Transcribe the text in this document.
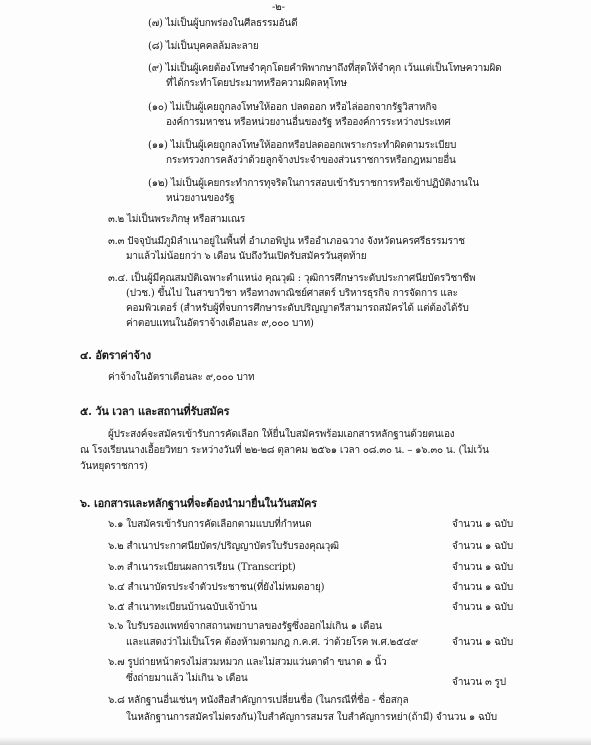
-๒-
(๗) ไม่เป็นผู้บกพร่องในศีลธรรมอันดี
(๘) ไม่เป็นบุคคลล้มละลาย
(๙) ไม่เป็นผู้เคยต้องโทษจำคุกโดยคำพิพากษาถึงที่สุดให้จำคุก เว้นแต่เป็นโทษความผิด
ที่ได้กระทำโดยประมาทหรือความผิดลหุโทษ
(๑๐) ไม่เป็นผู้เคยถูกลงโทษให้ออก ปลดออก หรือไล่ออกจากรัฐวิสาหกิจ
องค์การมหาชน หรือหน่วยงานอื่นของรัฐ หรือองค์การระหว่างประเทศ
(๑๑) ไม่เป็นผู้เคยถูกลงโทษให้ออกหรือปลดออกเพราะกระทำผิดตามระเบียบ
กระทรวงการคลังว่าด้วยลูกจ้างประจำของส่วนราชการหรือกฎหมายอื่น
(๑๒) ไม่เป็นผู้เคยกระทำการทุจริตในการสอบเข้ารับราชการหรือเข้าปฏิบัติงานใน
หน่วยงานของรัฐ
๓.๒ ไม่เป็นพระภิกษุ หรือสามเณร
๓.๓ ปัจจุบันมีภูมิลำเนาอยู่ในพื้นที่ อำเภอพิปูน หรืออำเภอฉวาง จังหวัดนครศรีธรรมราช
มาแล้วไม่น้อยกว่า ๖ เดือน นับถึงวันเปิดรับสมัครวันสุดท้าย
๓.๔. เป็นผู้มีคุณสมบัติเฉพาะตำแหน่ง คุณวุฒิ : วุฒิการศึกษาระดับประกาศนียบัตรวิชาชีพ
(ปวช.) ขึ้นไป ในสาขาวิชา หรือทางพาณิชย์ศาสตร์ บริหารธุรกิจ การจัดการ และ
คอมพิวเตอร์ (สำหรับผู้ที่จบการศึกษาระดับปริญญาตรีสามารถสมัครได้ แต่ต้องได้รับ
ค่าตอบแทนในอัตราจ้างเดือนละ ๙,๐๐๐ บาท)
๔. อัตราค่าจ้าง
ค่าจ้างในอัตราเดือนละ ๙,๐๐๐ บาท
๕. วัน เวลา และสถานที่รับสมัคร
ผู้ประสงค์จะสมัครเข้ารับการคัดเลือก ให้ยื่นใบสมัครพร้อมเอกสารหลักฐานด้วยตนเอง
ณ โรงเรียนนางเอื้อยวิทยา ระหว่างวันที่ ๒๒-๒๘ ตุลาคม ๒๕๖๑ เวลา ๐๘.๓๐ น. – ๑๖.๓๐ น. (ไม่เว้น
วันหยุดราชการ)
๖. เอกสารและหลักฐานที่จะต้องนำมายื่นในวันสมัคร
๖.๑ ใบสมัครเข้ารับการคัดเลือกตามแบบที่กำหนด	จำนวน ๑ ฉบับ
๖.๒ สำเนาประกาศนียบัตร/ปริญญาบัตรใบรับรองคุณวุฒิ	จำนวน ๑ ฉบับ
๖.๓ สำเนาระเบียนผลการเรียน (Transcript)	จำนวน ๑ ฉบับ
๖.๔ สำเนาบัตรประจำตัวประชาชน(ที่ยังไม่หมดอายุ)	จำนวน ๑ ฉบับ
๖.๕ สำเนาทะเบียนบ้านฉบับเจ้าบ้าน	จำนวน ๑ ฉบับ
๖.๖ ใบรับรองแพทย์จากสถานพยาบาลของรัฐซึ่งออกไม่เกิน ๑ เดือน
และแสดงว่าไม่เป็นโรค ต้องห้ามตามกฎ ก.ค.ศ. ว่าด้วยโรค พ.ศ.๒๕๔๙	จำนวน ๑ ฉบับ
๖.๗ รูปถ่ายหน้าตรงไม่สวมหมวก และไม่สวมแว่นตาดำ ขนาด ๑ นิ้ว
ซึ่งถ่ายมาแล้ว ไม่เกิน ๖ เดือน	จำนวน ๓ รูป
๖.๘ หลักฐานอื่นเช่นๆ หนังสือสำคัญการเปลี่ยนชื่อ (ในกรณีที่ชื่อ - ชื่อสกุล
ในหลักฐานการสมัครไม่ตรงกัน)ใบสำคัญการสมรส ใบสำคัญการหย่า(ถ้ามี) จำนวน ๑ ฉบับ
